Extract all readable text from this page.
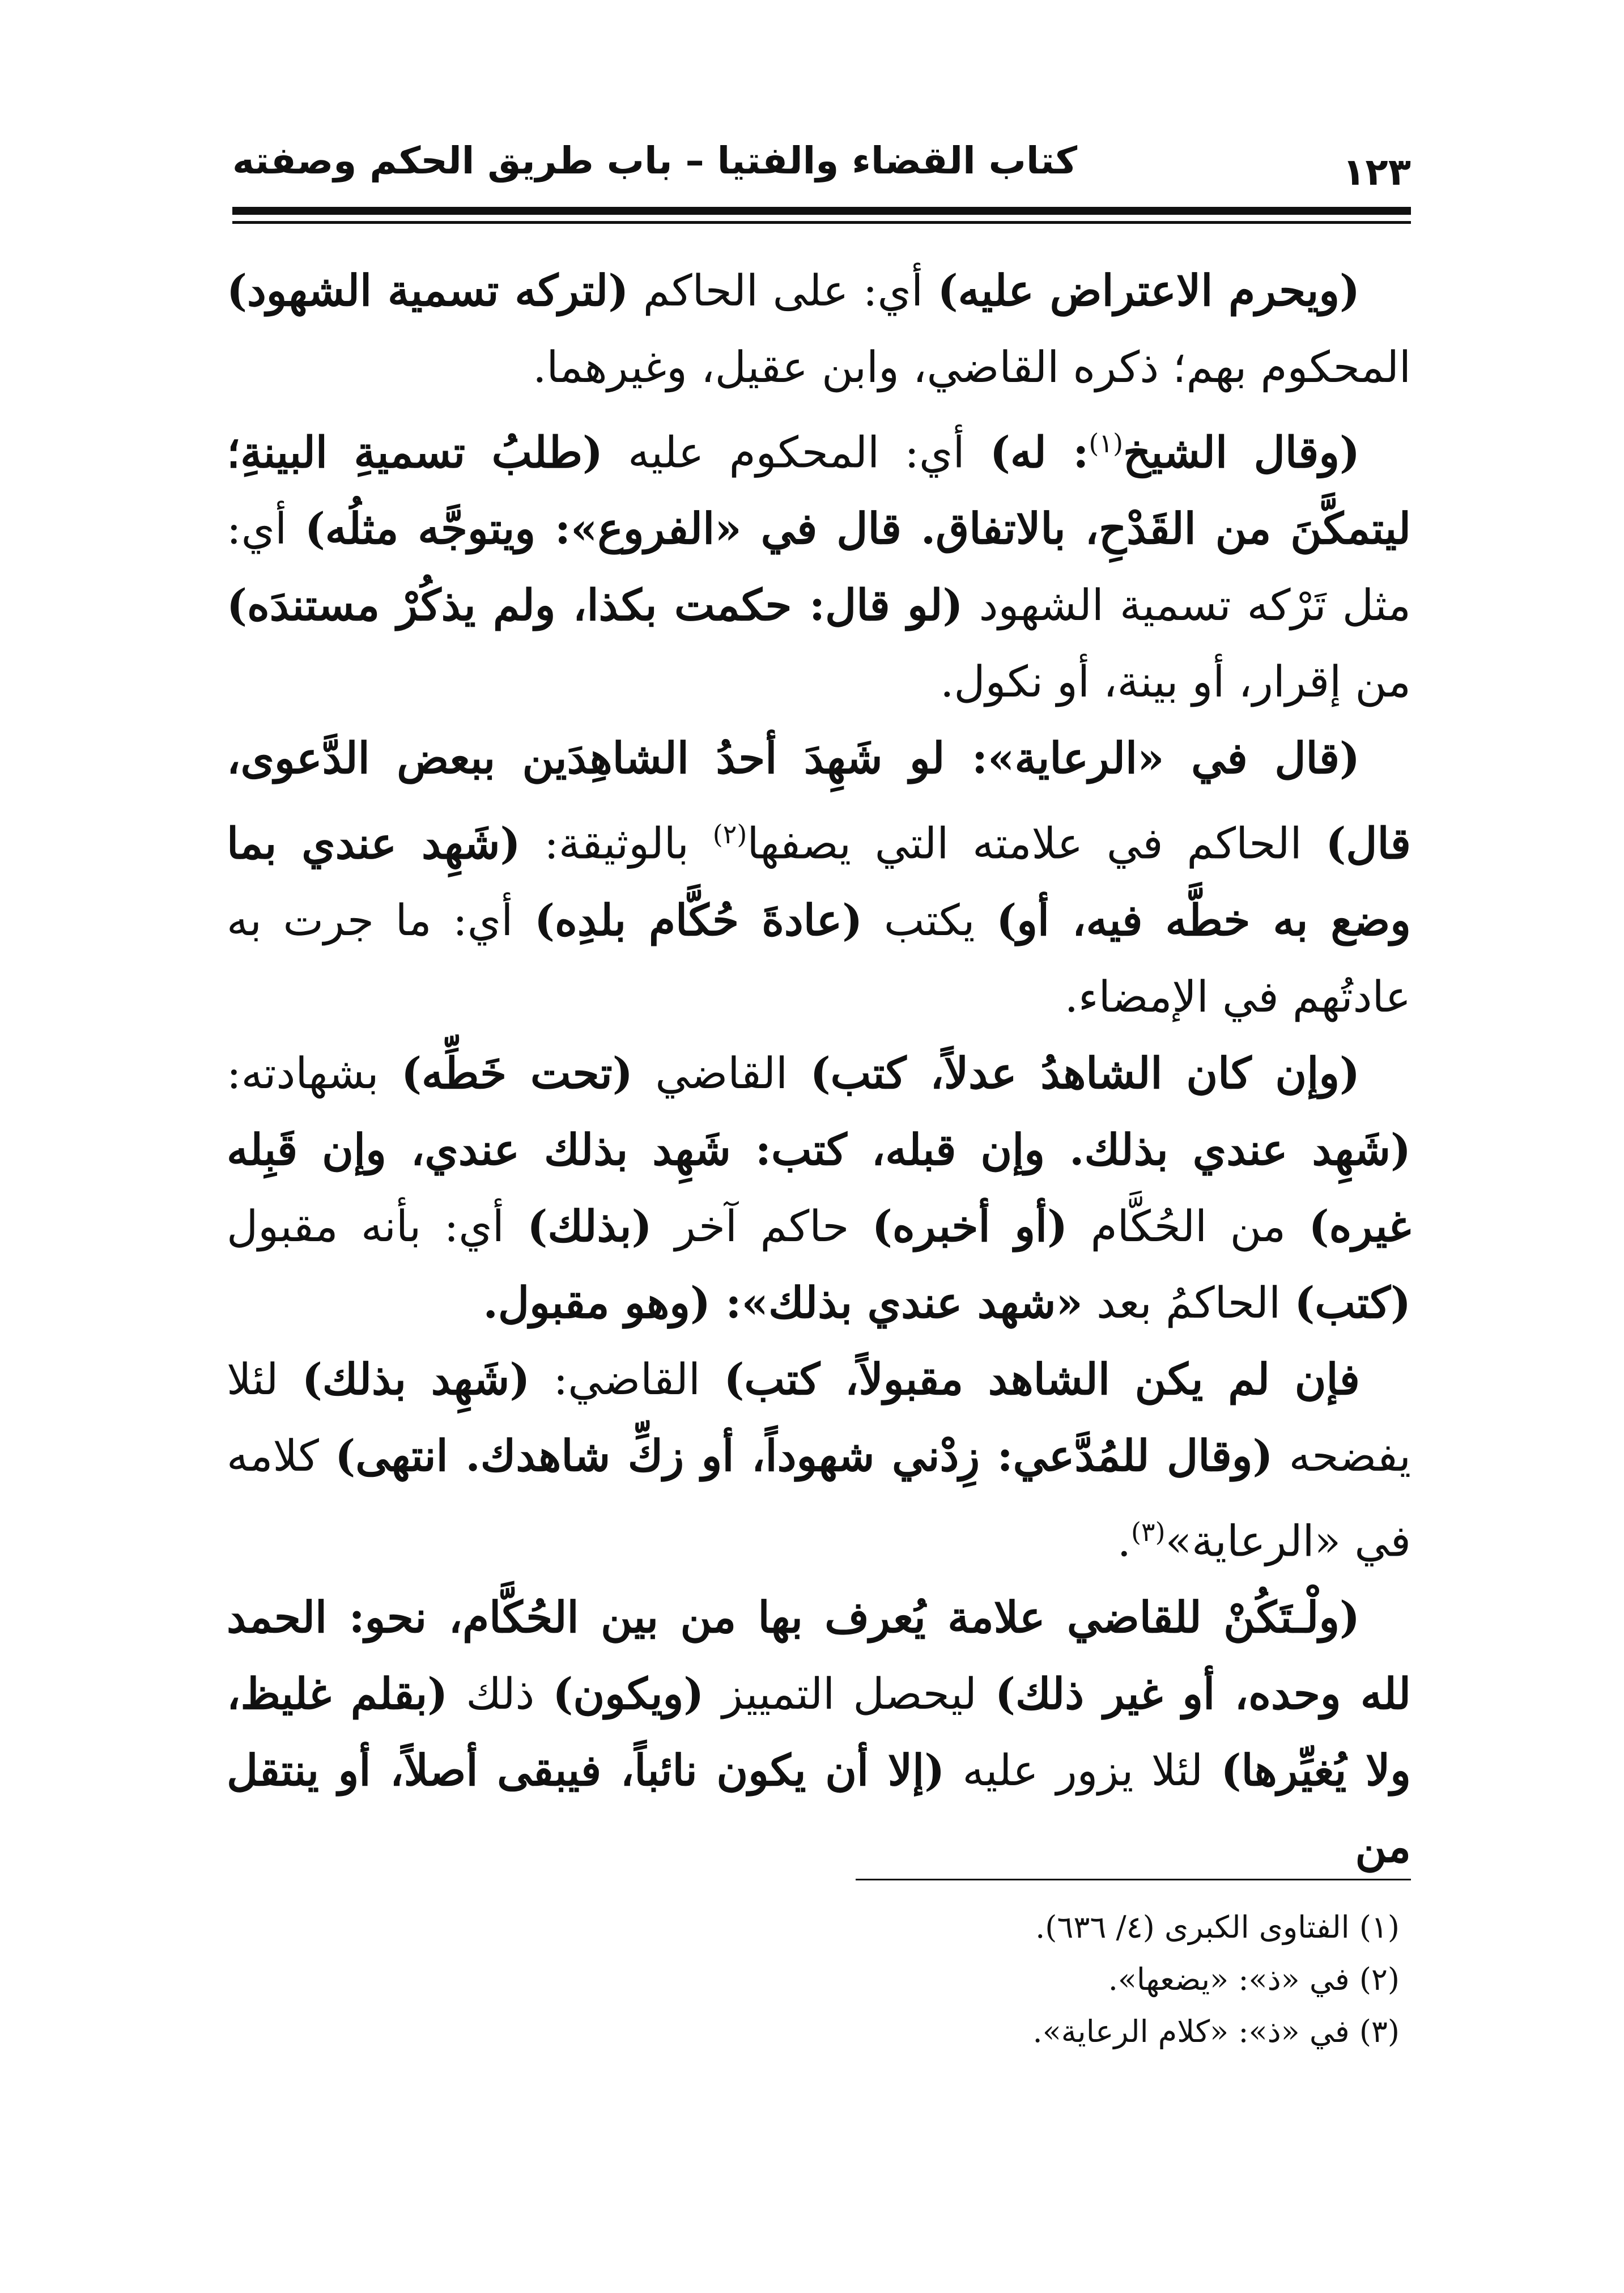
١٢٣
كتاب القضاء والفتيا – باب طريق الحكم وصفته

(ويحرم الاعتراض عليه) أي: على الحاكم (لتركه تسمية الشهود) المحكوم بهم؛ ذكره القاضي، وابن عقيل، وغيرهما.

(وقال الشيخ$^{(١)}$: له) أي: المحكوم عليه (طلبُ تسميةِ البينةِ؛ ليتمكَّنَ من القَدْحِ، بالاتفاق. قال في «الفروع»: ويتوجَّه مثلُه) أي: مثل تَرْكه تسمية الشهود (لو قال: حكمت بكذا، ولم يذكُرْ مستندَه) من إقرار، أو بينة، أو نكول.

(قال في «الرعاية»: لو شَهِدَ أحدُ الشاهِدَين ببعض الدَّعوى، قال) الحاكم في علامته التي يصفها$^{(٢)}$ بالوثيقة: (شَهِد عندي بما وضع به خطَّه فيه، أو) يكتب (عادةَ حُكَّام بلدِه) أي: ما جرت به عادتُهم في الإمضاء.

(وإن كان الشاهدُ عدلاً، كتب) القاضي (تحت خَطِّه) بشهادته: (شَهِد عندي بذلك. وإن قبله، كتب: شَهِد بذلك عندي، وإن قَبِله غيره) من الحُكَّام (أو أخبره) حاكم آخر (بذلك) أي: بأنه مقبول (كتب) الحاكمُ بعد «شهد عندي بذلك»: (وهو مقبول.

فإن لم يكن الشاهد مقبولاً، كتب) القاضي: (شَهِد بذلك) لئلا يفضحه (وقال للمُدَّعي: زِدْني شهوداً، أو زكِّ شاهدك. انتهى) كلامه في «الرعاية»$^{(٣)}$.

(ولْـتَكُنْ للقاضي علامة يُعرف بها من بين الحُكَّام، نحو: الحمد لله وحده، أو غير ذلك) ليحصل التمييز (ويكون) ذلك (بقلم غليظ، ولا يُغيِّرها) لئلا يزور عليه (إلا أن يكون نائباً، فيبقى أصلاً، أو ينتقل من

(١) الفتاوى الكبرى (٤/ ٦٣٦).
(٢) في «ذ»: «يضعها».
(٣) في «ذ»: «كلام الرعاية».
